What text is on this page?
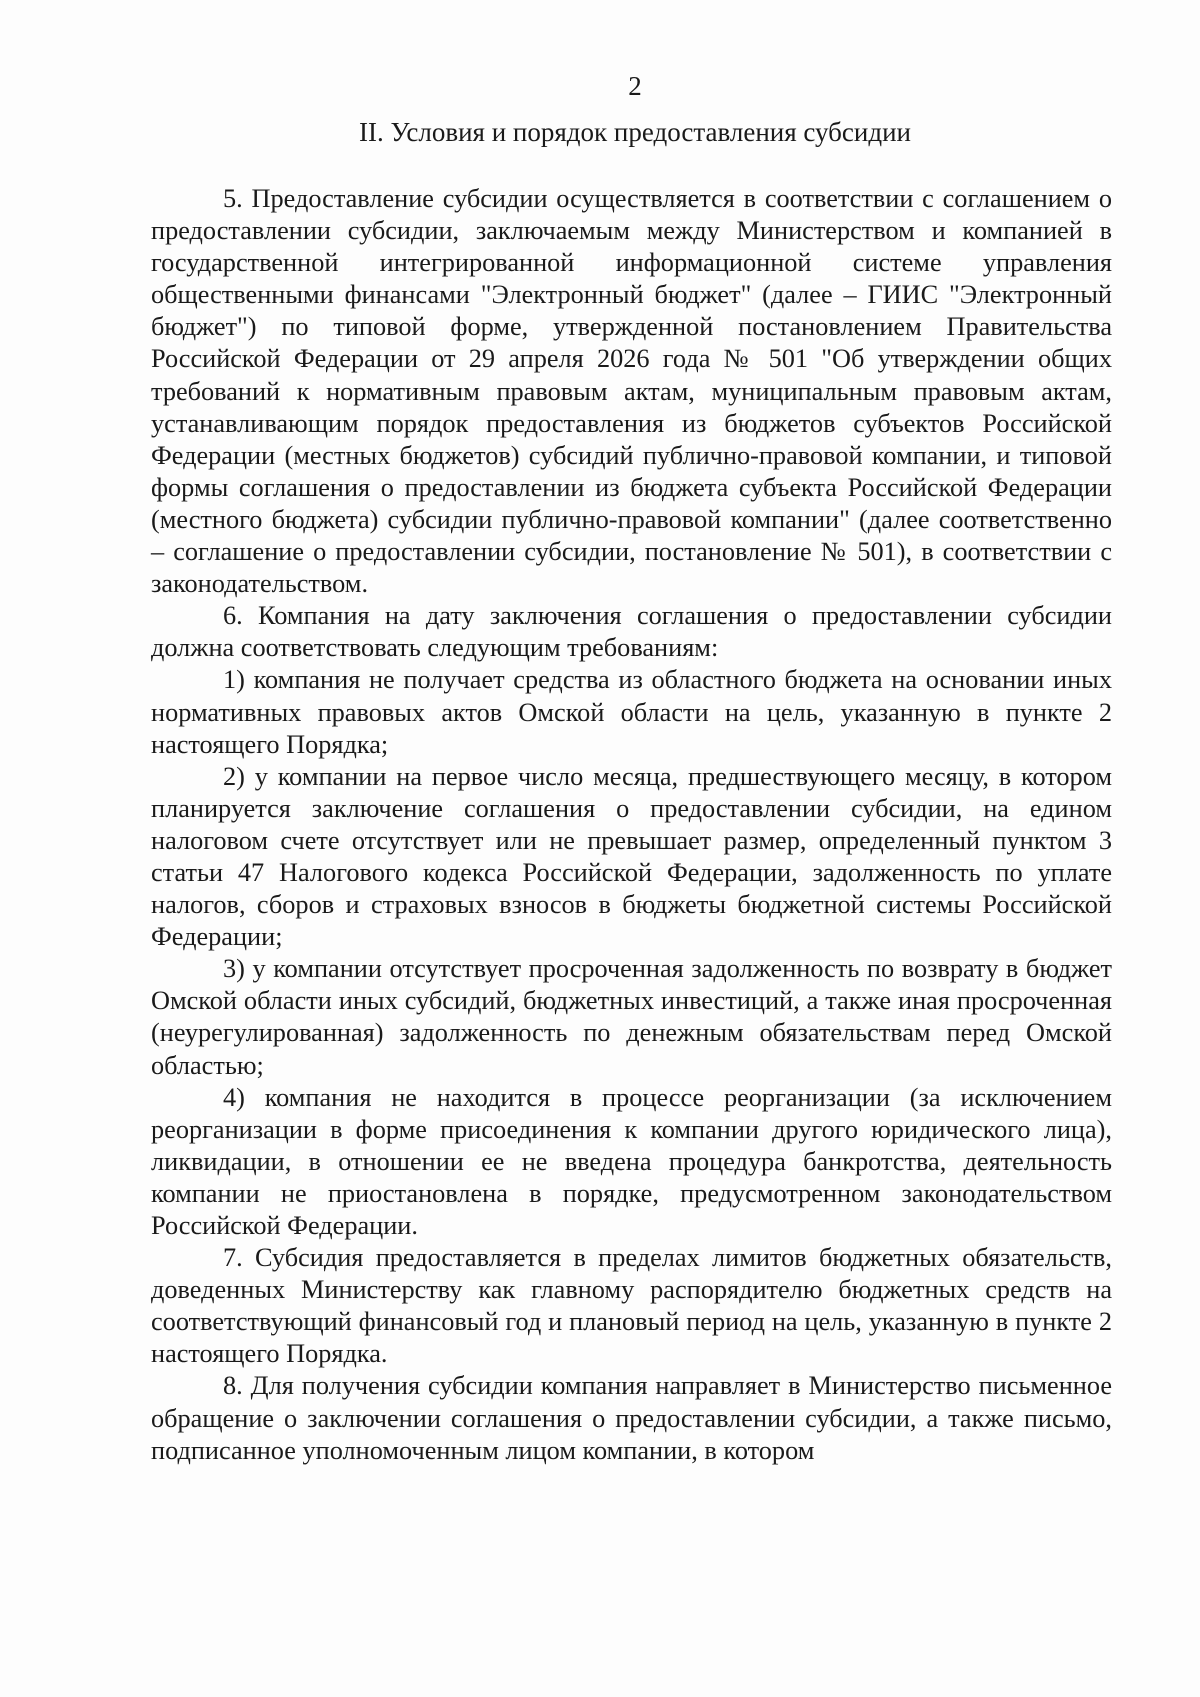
2
II. Условия и порядок предоставления субсидии

5. Предоставление субсидии осуществляется в соответствии с соглашением о предоставлении субсидии, заключаемым между Министерством и компанией в государственной интегрированной информационной системе управления общественными финансами "Электронный бюджет" (далее – ГИИС "Электронный бюджет") по типовой форме, утвержденной постановлением Правительства Российской Федерации от 29 апреля 2026 года № 501 "Об утверждении общих требований к нормативным правовым актам, муниципальным правовым актам, устанавливающим порядок предоставления из бюджетов субъектов Российской Федерации (местных бюджетов) субсидий публично-правовой компании, и типовой формы соглашения о предоставлении из бюджета субъекта Российской Федерации (местного бюджета) субсидии публично-правовой компании" (далее соответственно – соглашение о предоставлении субсидии, постановление № 501), в соответствии с законодательством.

6. Компания на дату заключения соглашения о предоставлении субсидии должна соответствовать следующим требованиям:

1) компания не получает средства из областного бюджета на основании иных нормативных правовых актов Омской области на цель, указанную в пункте 2 настоящего Порядка;

2) у компании на первое число месяца, предшествующего месяцу, в котором планируется заключение соглашения о предоставлении субсидии, на едином налоговом счете отсутствует или не превышает размер, определенный пунктом 3 статьи 47 Налогового кодекса Российской Федерации, задолженность по уплате налогов, сборов и страховых взносов в бюджеты бюджетной системы Российской Федерации;

3) у компании отсутствует просроченная задолженность по возврату в бюджет Омской области иных субсидий, бюджетных инвестиций, а также иная просроченная (неурегулированная) задолженность по денежным обязательствам перед Омской областью;

4) компания не находится в процессе реорганизации (за исключением реорганизации в форме присоединения к компании другого юридического лица), ликвидации, в отношении ее не введена процедура банкротства, деятельность компании не приостановлена в порядке, предусмотренном законодательством Российской Федерации.

7. Субсидия предоставляется в пределах лимитов бюджетных обязательств, доведенных Министерству как главному распорядителю бюджетных средств на соответствующий финансовый год и плановый период на цель, указанную в пункте 2 настоящего Порядка.

8. Для получения субсидии компания направляет в Министерство письменное обращение о заключении соглашения о предоставлении субсидии, а также письмо, подписанное уполномоченным лицом компании, в котором
